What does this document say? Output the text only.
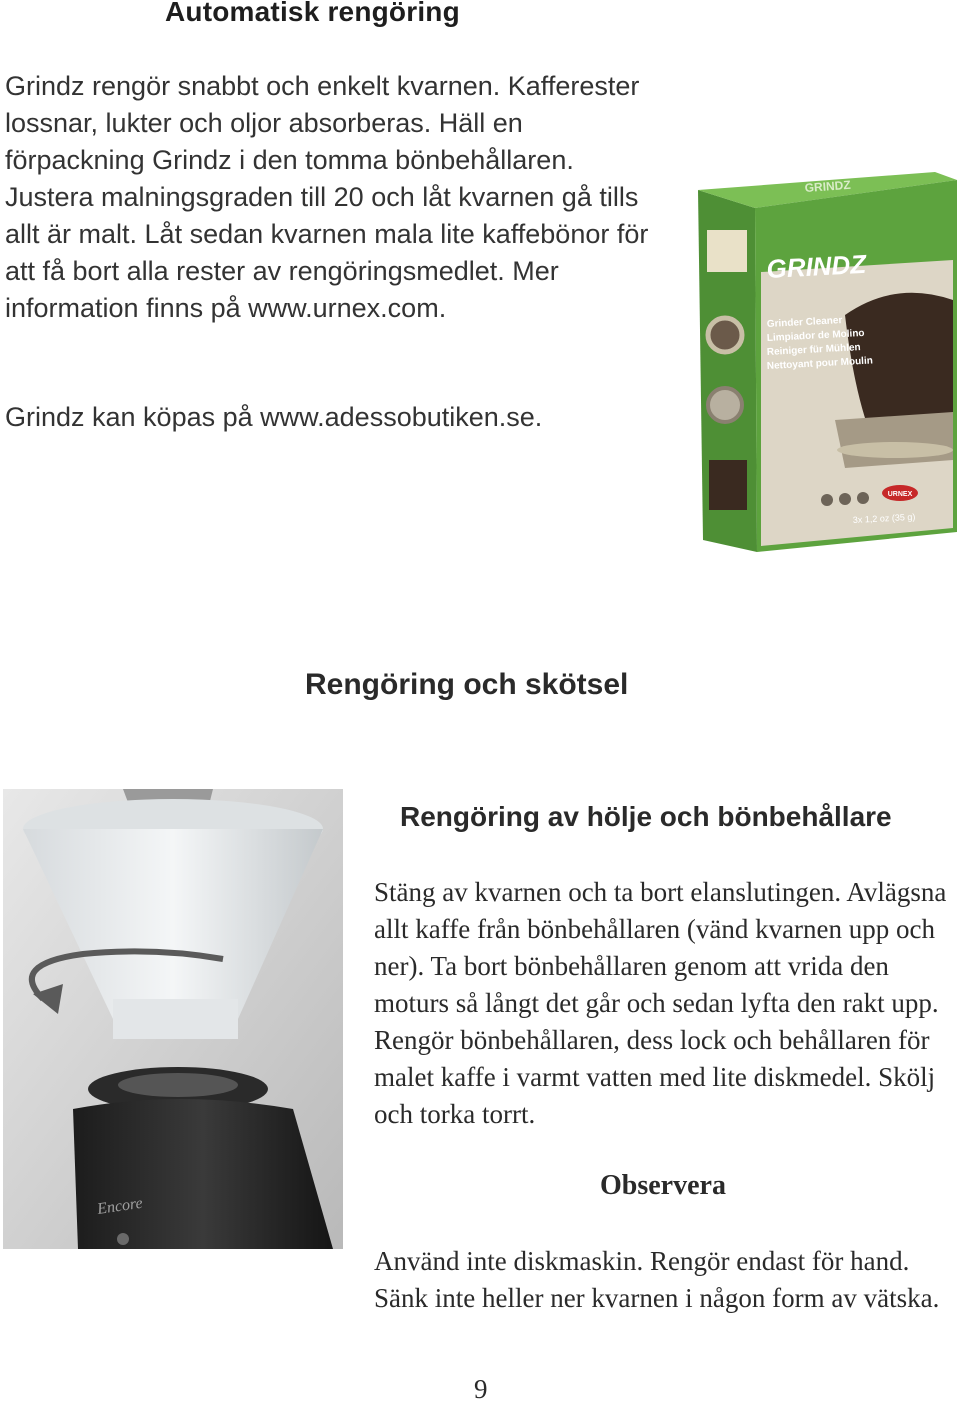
Automatisk rengöring
Grindz rengör snabbt och enkelt kvarnen. Kafferester lossnar, lukter och oljor absorberas. Häll en förpackning Grindz i den tomma bönbehållaren. Justera malningsgraden till 20 och låt kvarnen gå tills allt är malt. Låt sedan kvarnen mala lite kaffebönor för att få bort alla rester av rengöringsmedlet. Mer information finns på www.urnex.com.
Grindz kan köpas på www.adessobutiken.se.
GRINDZ
GRINDZ
Grinder Cleaner
Limpiador de Molino
Reiniger für Mühlen
Nettoyant pour Moulin
URNEX
3x 1,2 oz (35 g)
Rengöring och skötsel
Encore
Rengöring av hölje och bönbehållare
Stäng av kvarnen och ta bort elanslutingen. Avlägsna allt kaffe från bönbehållaren (vänd kvarnen upp och ner). Ta bort bönbehållaren genom att vrida den moturs så långt det går och sedan lyfta den rakt upp. Rengör bönbehållaren, dess lock och behållaren för malet kaffe i varmt vatten med lite diskmedel. Skölj och torka torrt.
Observera
Använd inte diskmaskin. Rengör endast för hand. Sänk inte heller ner kvarnen i någon form av vätska.
9
